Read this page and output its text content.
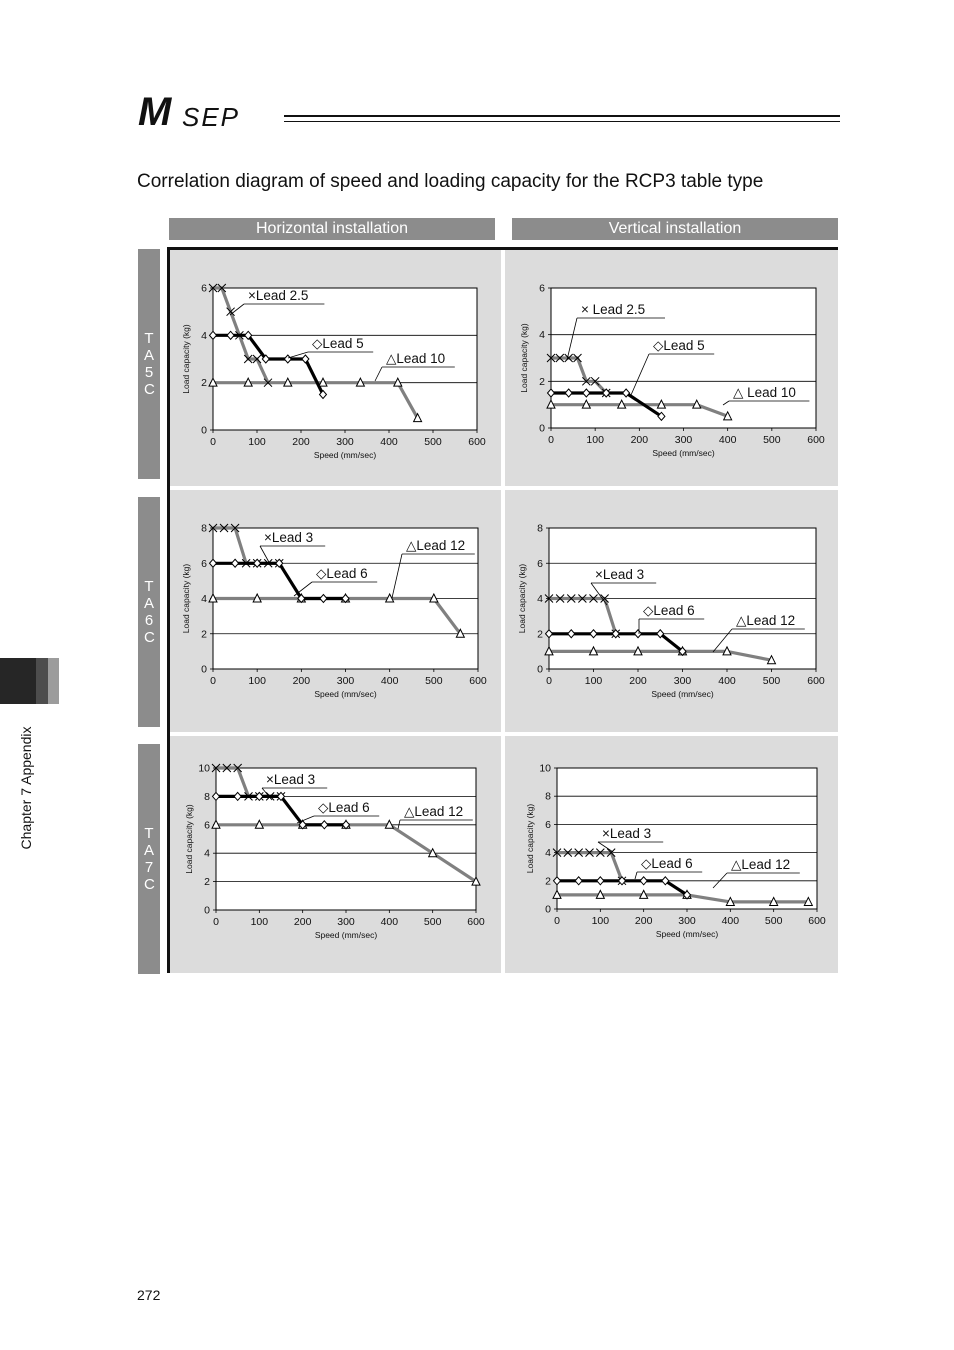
M SEP
Correlation diagram of speed and loading capacity for the RCP3 table type
Horizontal installation	Vertical installation
TA5C
TA6C
TA7C
0
2
4
6
0	100	200	300	400	500	600
Speed (mm/sec)
Load capacity (kg)
×Lead 2.5
◇Lead 5
△Lead 10
0
2
4
6
0	100	200	300	400	500	600
Speed (mm/sec)
Load capacity (kg)
× Lead 2.5
◇Lead 5
△ Lead 10
0
2
4
6
8
0	100	200	300	400	500	600
Speed (mm/sec)
Load capacity (kg)
×Lead 3
◇Lead 6
△Lead 12
0
2
4
6
8
0	100	200	300	400	500	600
Speed (mm/sec)
Load capacity (kg)	×Lead 3
◇Lead 6
△Lead 12
0
2
4
6
8
10
0	100 200 300 400 500 600
Speed (mm/sec)
Load capacity (kg)
×Lead 3
◇Lead 6	△Lead 12
0
2
4
6
8
10
0	100 200 300 400 500 600
Speed (mm/sec)
Load capacity (kg)	×Lead 3
◇Lead 6	△Lead 12
Chapter 7 Appendix
272
